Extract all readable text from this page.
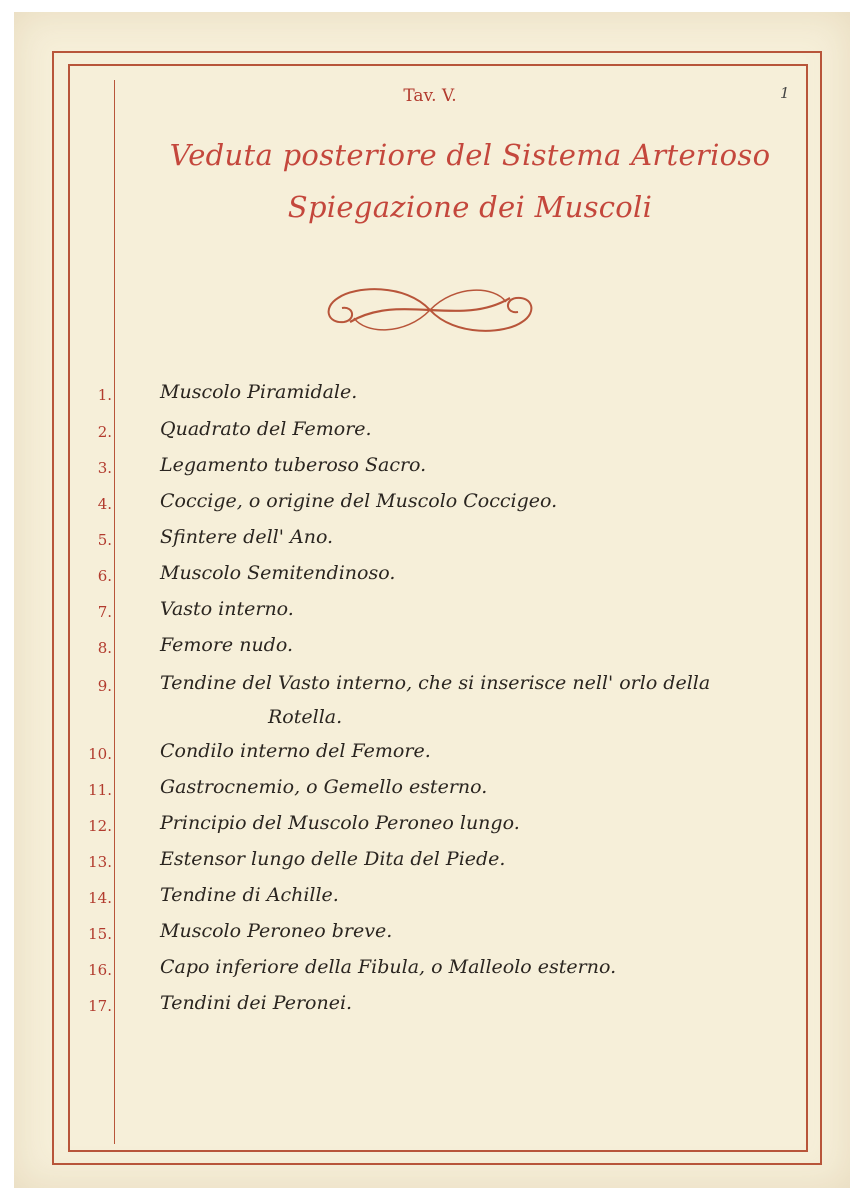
Tav. V.	1
Veduta posteriore del Sistema Arterioso
Spiegazione dei Muscoli
1.	Muscolo Piramidale.
2.	Quadrato del Femore.
3.	Legamento tuberoso Sacro.
4.	Coccige, o origine del Muscolo Coccigeo.
5.	Sfintere dell' Ano.
6.	Muscolo Semitendinoso.
7.	Vasto interno.
8.	Femore nudo.
9.	Tendine del Vasto interno, che si inserisce nell' orlo della
Rotella.
10.	Condilo interno del Femore.
11.	Gastrocnemio, o Gemello esterno.
12.	Principio del Muscolo Peroneo lungo.
13.	Estensor lungo delle Dita del Piede.
14.	Tendine di Achille.
15.	Muscolo Peroneo breve.
16.	Capo inferiore della Fibula, o Malleolo esterno.
17.	Tendini dei Peronei.
